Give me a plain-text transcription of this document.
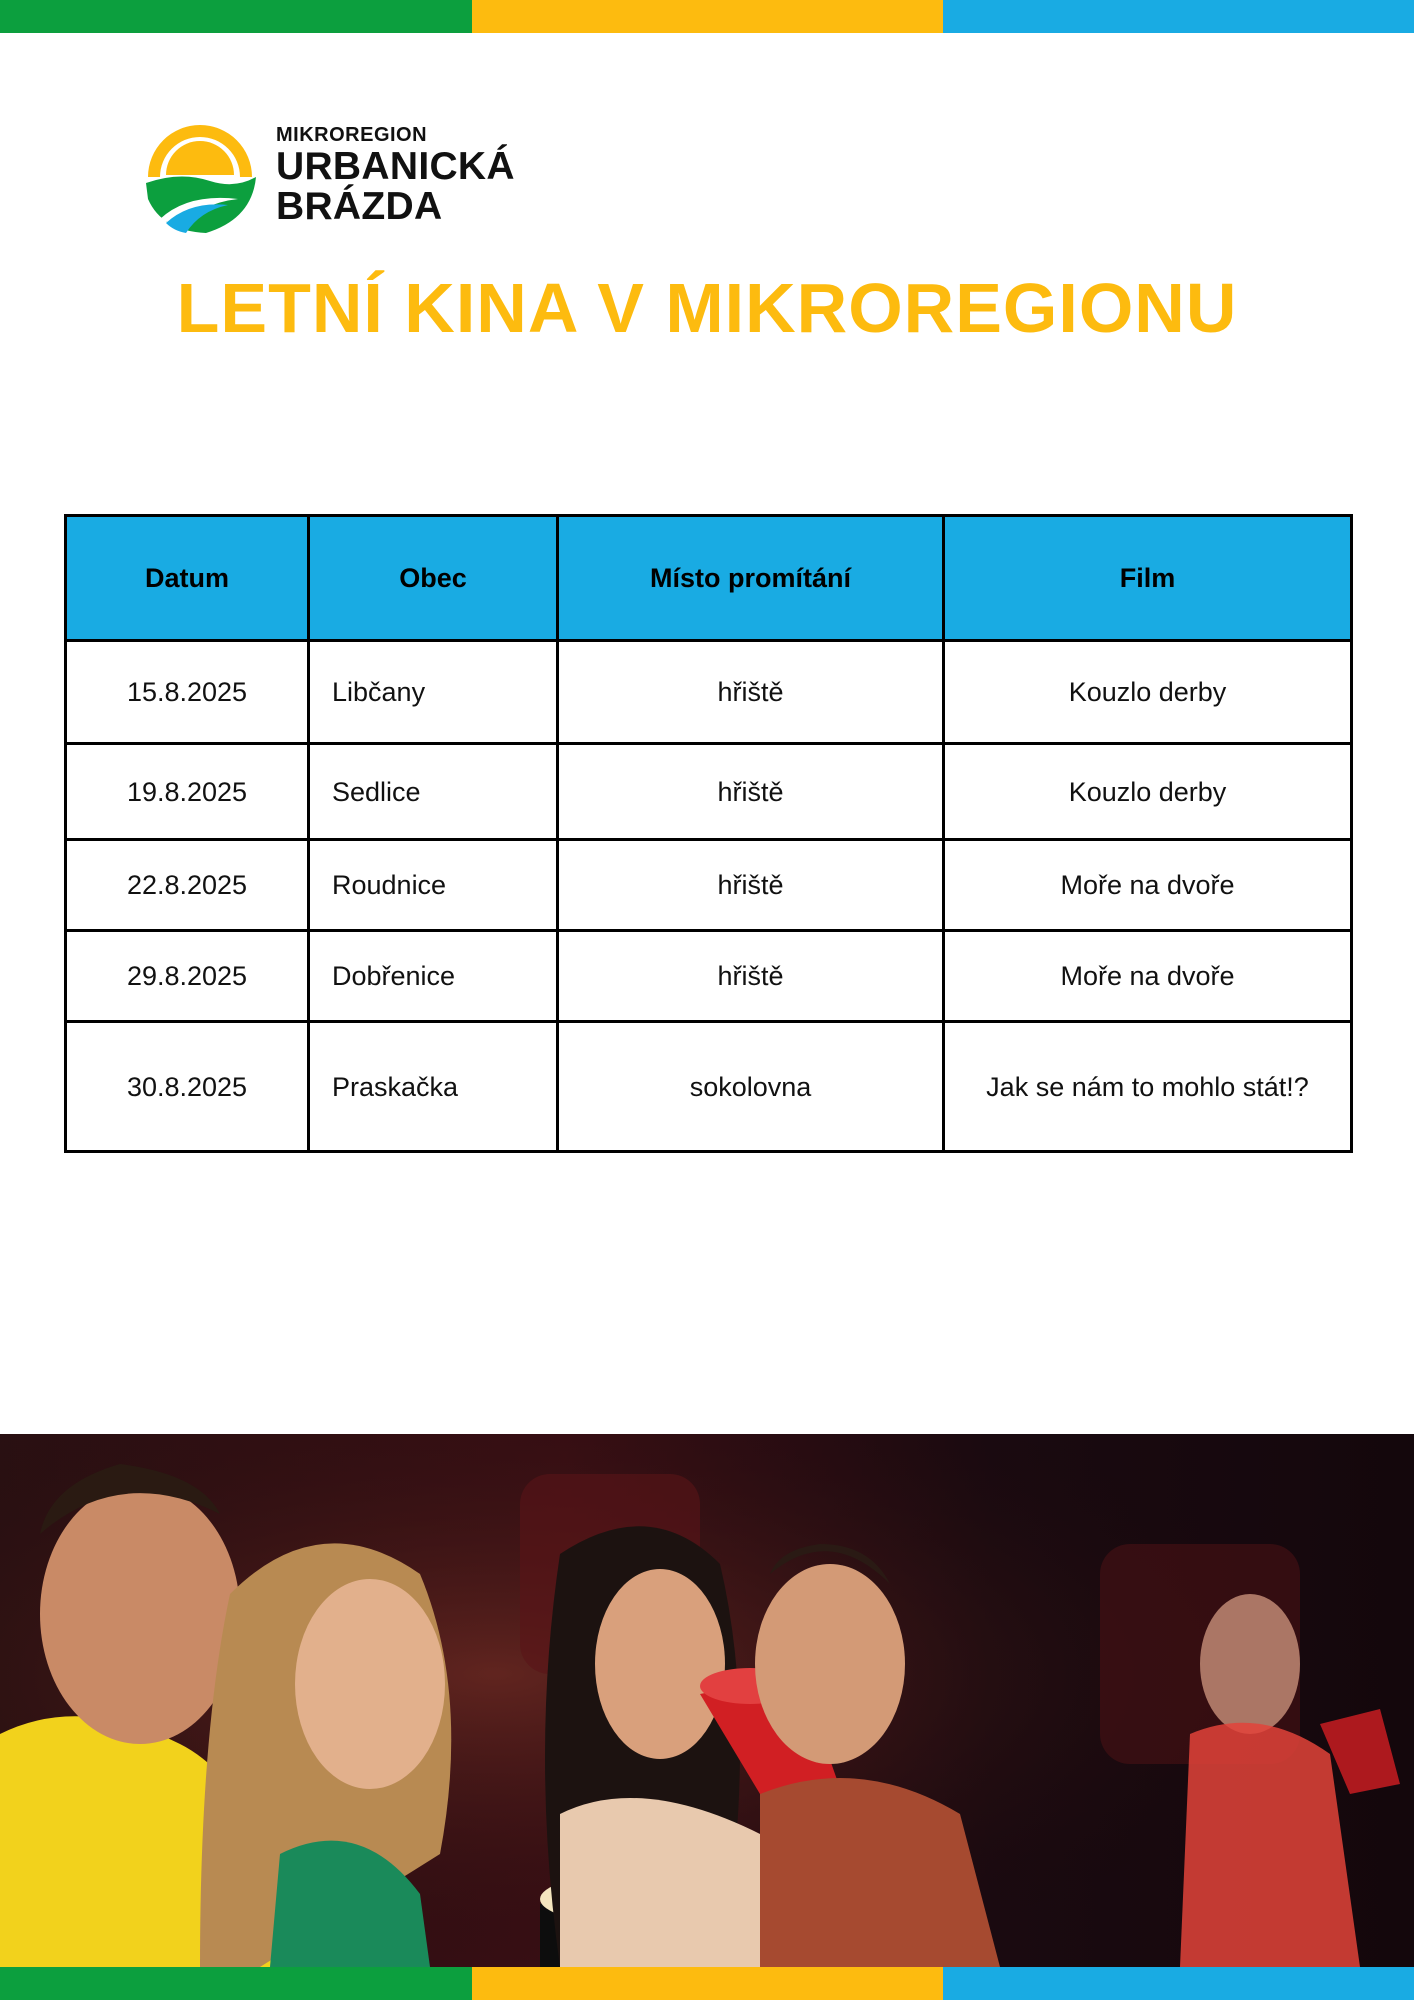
MIKROREGION
URBANICKÁ
BRÁZDA
LETNÍ KINA V MIKROREGIONU
Datum	Obec	Místo promítání	Film
15.8.2025	Libčany	hřiště	Kouzlo derby
19.8.2025	Sedlice	hřiště	Kouzlo derby
22.8.2025	Roudnice	hřiště	Moře na dvoře
29.8.2025	Dobřenice	hřiště	Moře na dvoře
30.8.2025	Praskačka	sokolovna	Jak se nám to mohlo stát!?
